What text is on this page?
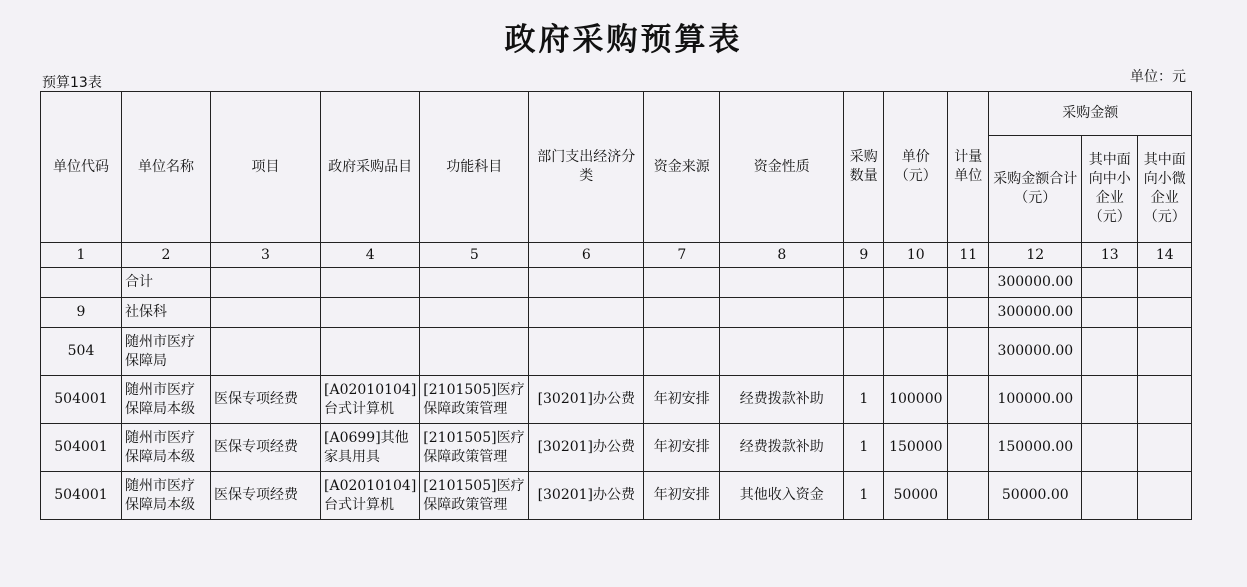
政府采购预算表
预算13表	单位：元
单位代码	单位名称	项目	政府采购品目	功能科目	部门支出经济分类	资金来源	资金性质	采购数量	单价（元）	计量单位	采购金额		
											采购金额合计（元）	其中面向中小企业（元）	其中面向小微企业（元）
1	2	3	4	5	6	7	8	9	10	11	12	13	14
	合计										300000.00		
9	社保科										300000.00		
504	随州市医疗保障局										300000.00		
504001	随州市医疗保障局本级	医保专项经费	[A02010104]台式计算机	[2101505]医疗保障政策管理	[30201]办公费	年初安排	经费拨款补助	1	100000		100000.00		
504001	随州市医疗保障局本级	医保专项经费	[A0699]其他家具用具	[2101505]医疗保障政策管理	[30201]办公费	年初安排	经费拨款补助	1	150000		150000.00		
504001	随州市医疗保障局本级	医保专项经费	[A02010104]台式计算机	[2101505]医疗保障政策管理	[30201]办公费	年初安排	其他收入资金	1	50000		50000.00		
